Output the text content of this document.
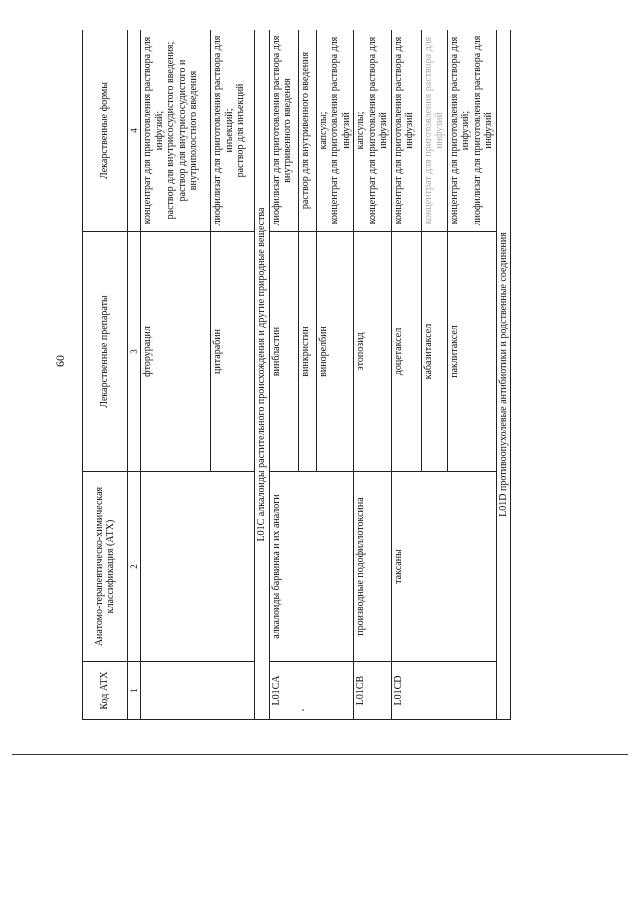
60
Код АТХ	Анатомо-терапевтическо-химическая классификация (АТХ)	Лекарственные препараты	Лекарственные формы
1	2	3	4
		фторурацил	концентрат для приготовления раствора для инфузий;
раствор для внутрисосудистого введения;
раствор для внутрисосудистого и внутриполостного введения
		цитарабин	лиофилизат для приготовления раствора для инъекций;
раствор для инъекций
L01C алкалоиды растительного происхождения и другие природные вещества			
L01CA	алкалоиды барвинка и их аналоги	винбластин	лиофилизат для приготовления раствора для внутривенного введения
		винкристин	раствор для внутривенного введения
		винорелбин	капсулы;
концентрат для приготовления раствора для инфузий
L01CB	производные подофиллотоксина	этопозид	капсулы;
концентрат для приготовления раствора для инфузий
L01CD	таксаны	доцетаксел	концентрат для приготовления раствора для инфузий
		кабазитаксел	концентрат для приготовления раствора для инфузий
		паклитаксел	концентрат для приготовления раствора для инфузий;
лиофилизат для приготовления раствора для инфузий
L01D противоопухолевые антибиотики и родственные соединения			
